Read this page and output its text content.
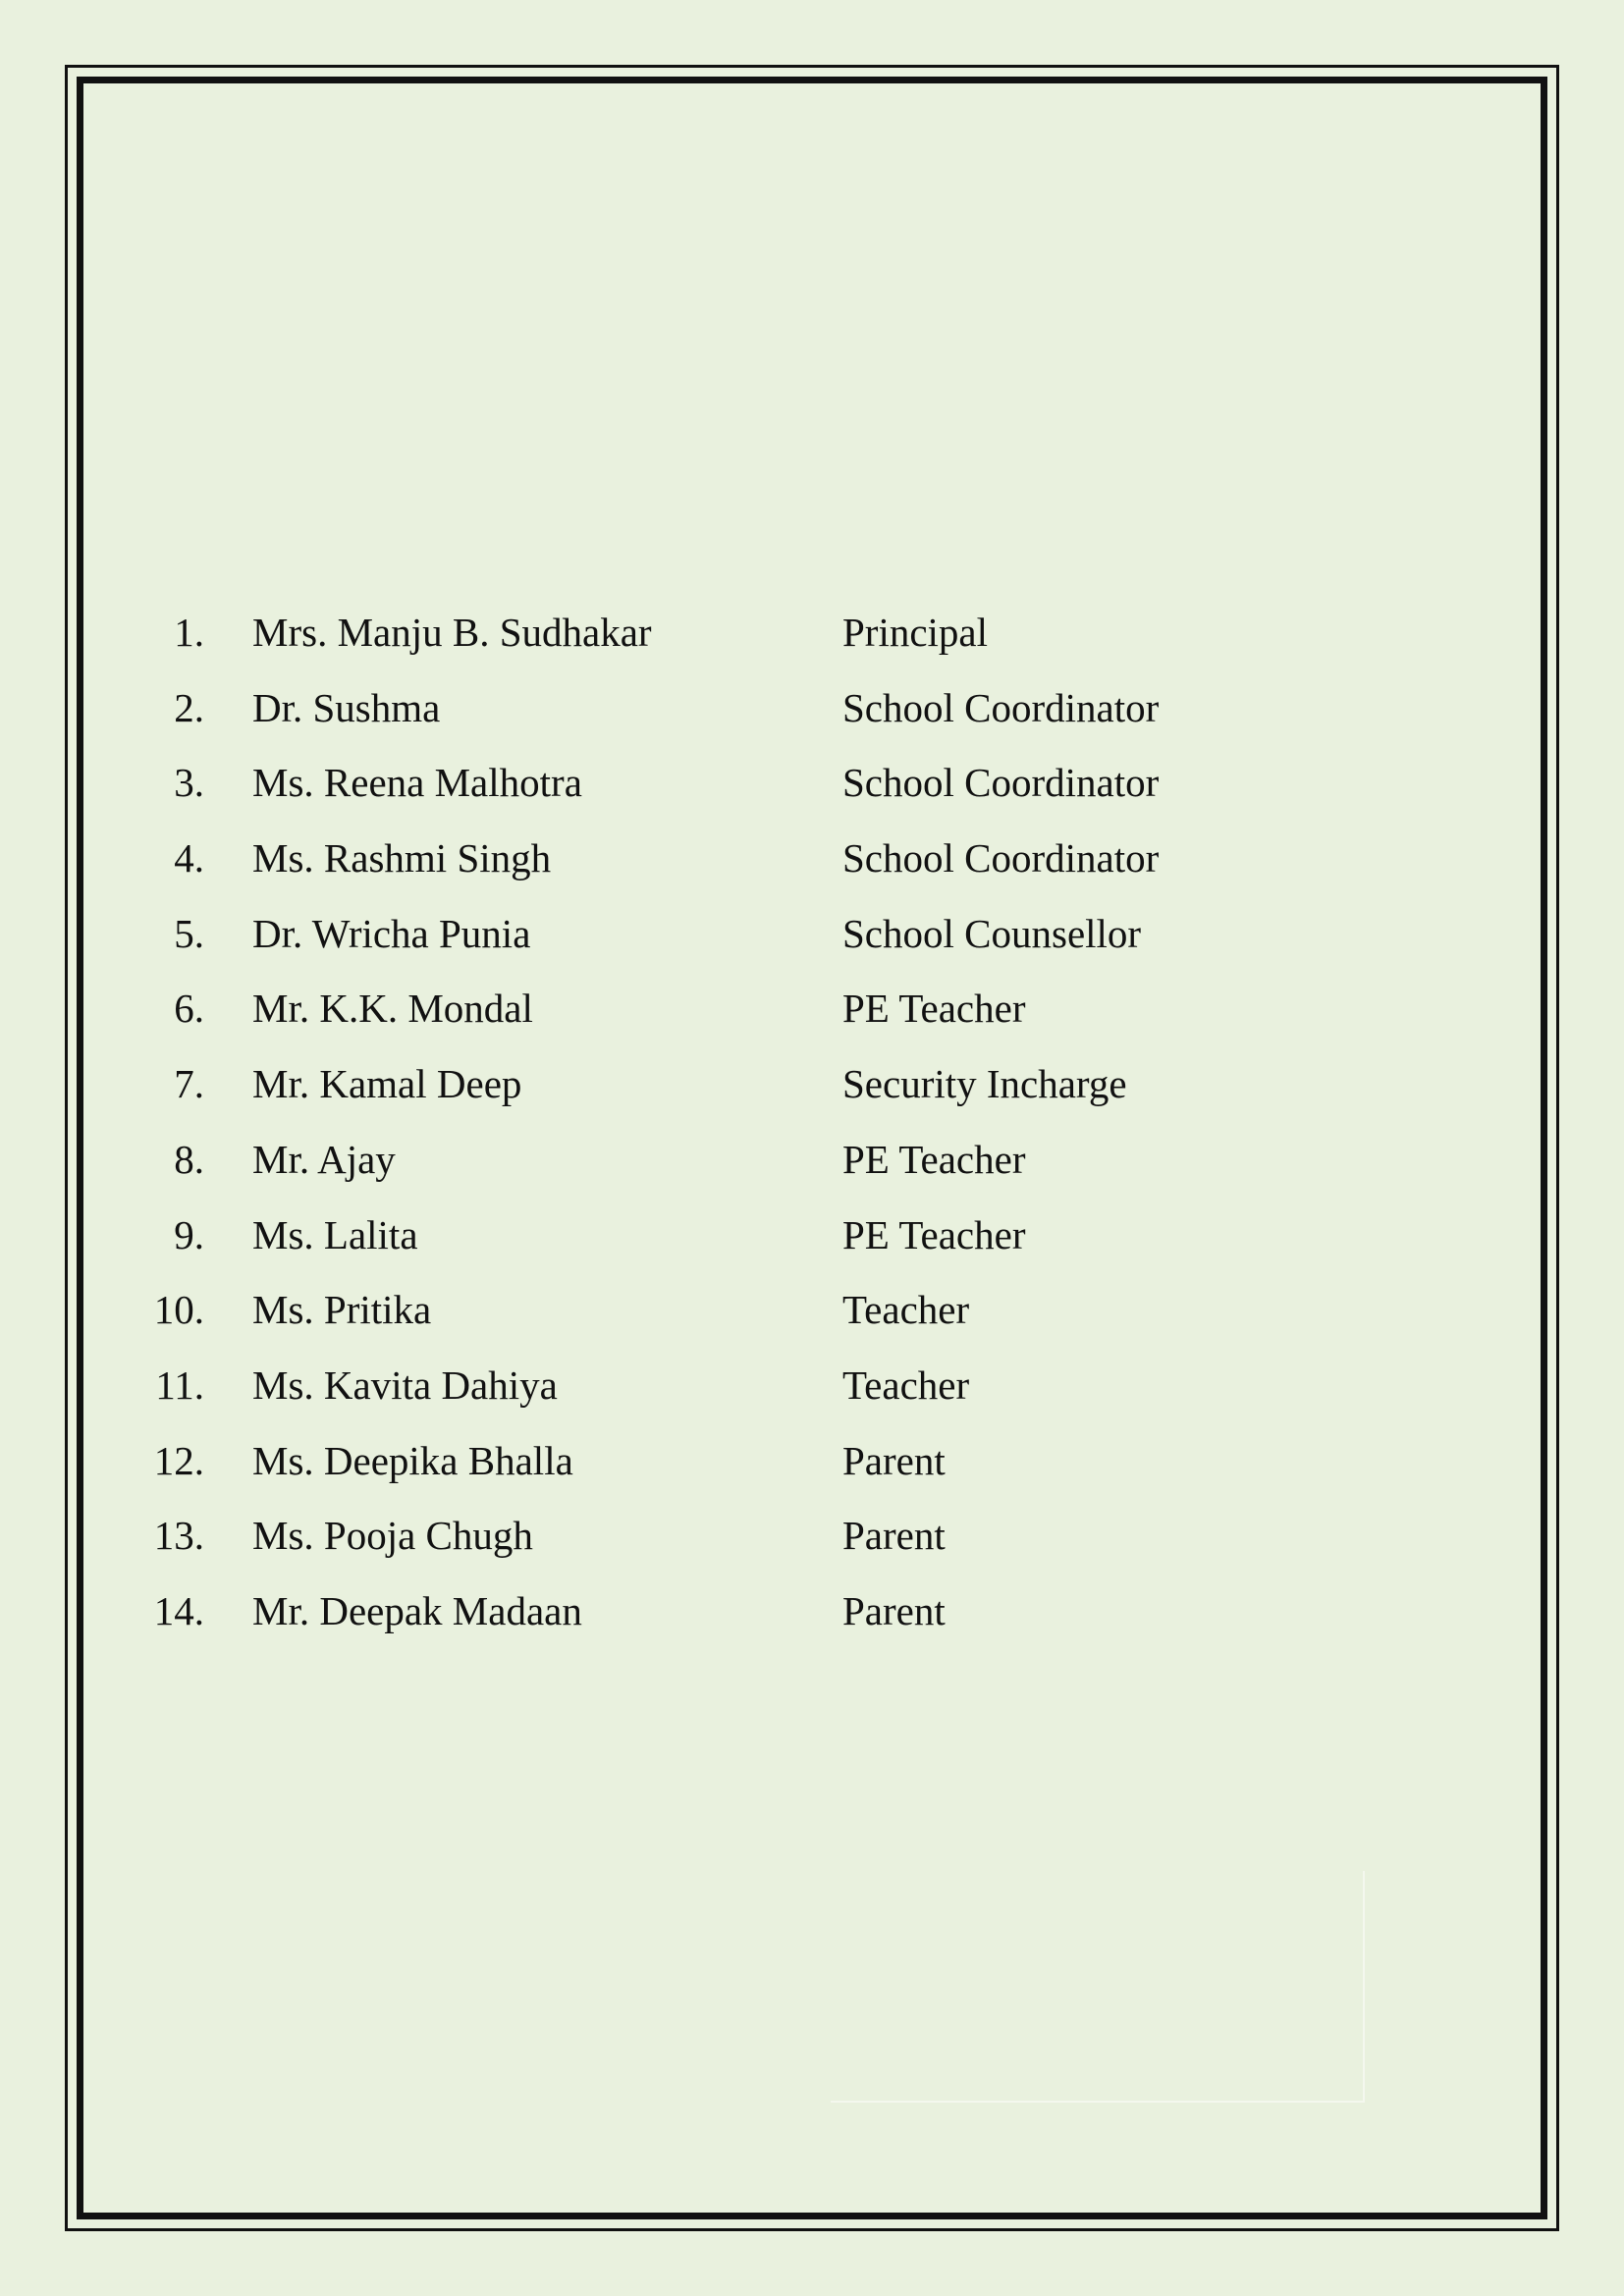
1. Mrs. Manju B. Sudhakar	Principal
2. Dr. Sushma	School Coordinator
3. Ms. Reena Malhotra	School Coordinator
4. Ms. Rashmi Singh	School Coordinator
5. Dr. Wricha Punia	School Counsellor
6. Mr. K.K. Mondal	PE Teacher
7. Mr. Kamal Deep	Security Incharge
8. Mr. Ajay	PE Teacher
9. Ms. Lalita	PE Teacher
10. Ms. Pritika	Teacher
11. Ms. Kavita Dahiya	Teacher
12. Ms. Deepika Bhalla	Parent
13. Ms. Pooja Chugh	Parent
14. Mr. Deepak Madaan	Parent
